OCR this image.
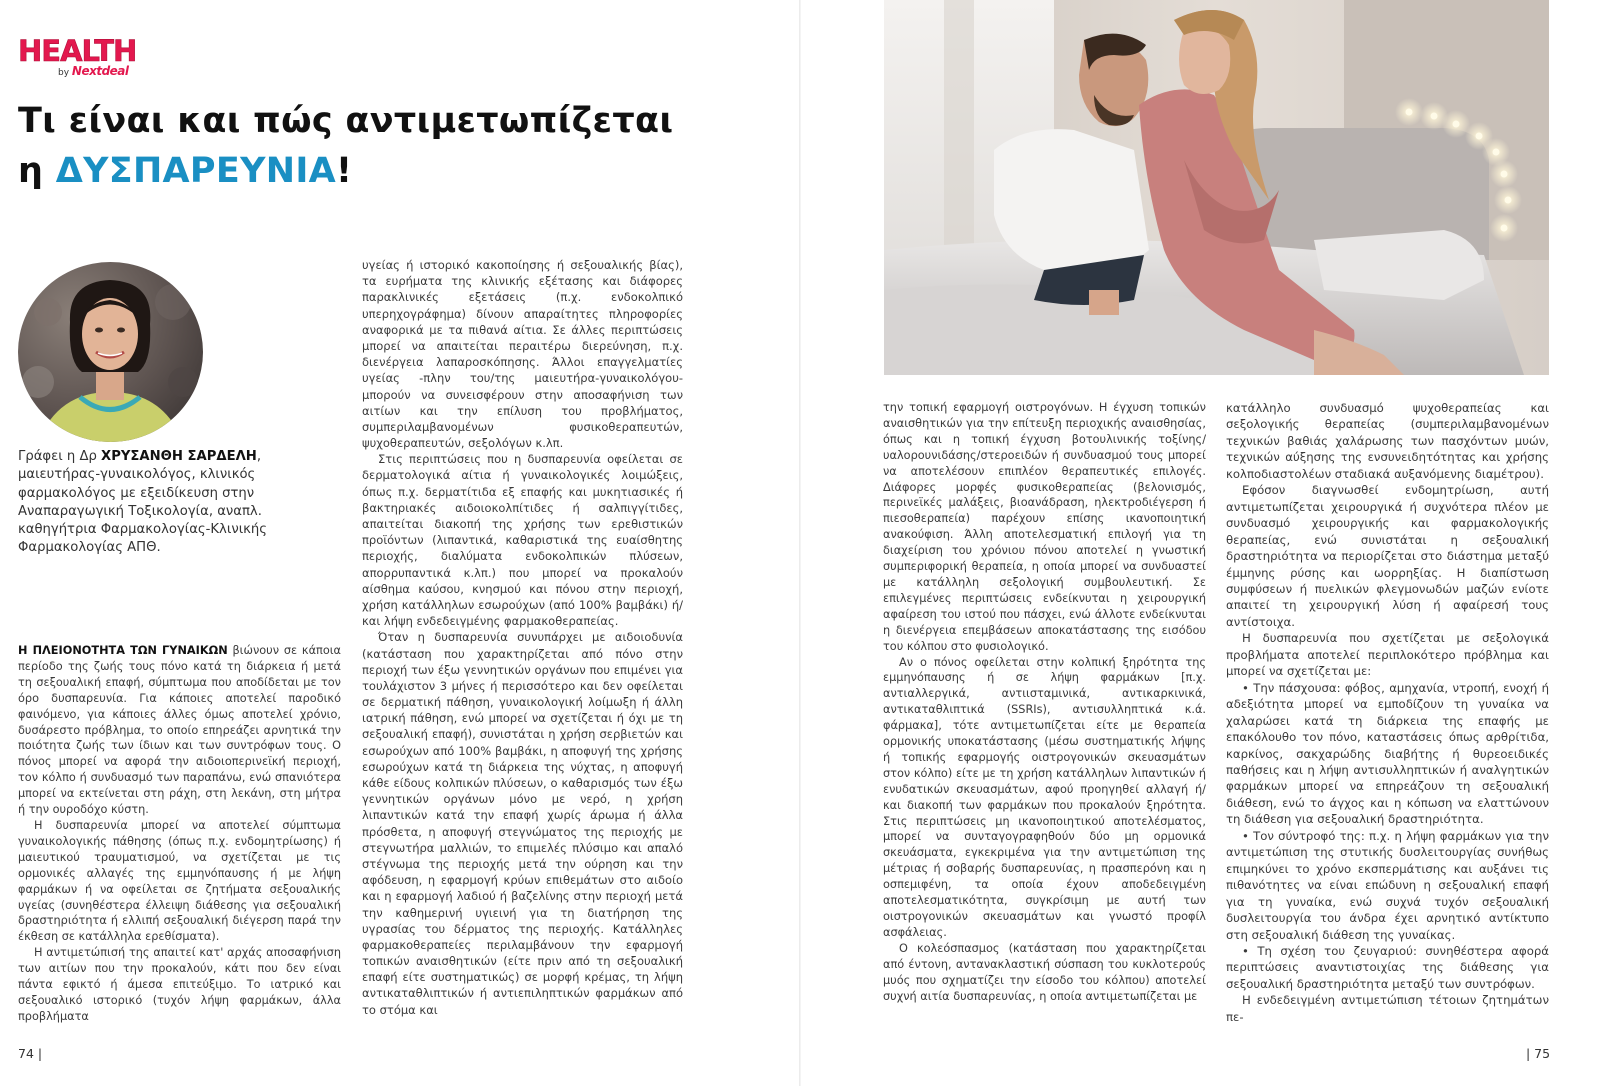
HEALTH
by Nextdeal
Τι είναι και πώς αντιμετωπίζεται
η ΔΥΣΠΑΡΕΥΝΙΑ!
Γράφει η Δρ ΧΡΥΣΑΝΘΗ ΣΑΡΔΕΛΗ, μαιευτήρας-γυναικολόγος, κλινικός φαρμακολόγος με εξειδίκευση στην Αναπαραγωγική Τοξικολογία, αναπλ. καθηγήτρια Φαρμακολογίας-Κλινικής Φαρμακολογίας ΑΠΘ.

Η ΠΛΕΙΟΝΟΤΗΤΑ ΤΩΝ ΓΥΝΑΙΚΩΝ βιώνουν σε κάποια περίοδο της ζωής τους πόνο κατά τη διάρκεια ή μετά τη σεξουαλική επαφή, σύμπτωμα που αποδίδεται με τον όρο δυσπαρευνία. Για κάποιες αποτελεί παροδικό φαινόμενο, για κάποιες άλλες όμως αποτελεί χρόνιο, δυσάρεστο πρόβλημα, το οποίο επηρεάζει αρνητικά την ποιότητα ζωής των ίδιων και των συντρόφων τους. Ο πόνος μπορεί να αφορά την αιδοιοπερινεϊκή περιοχή, τον κόλπο ή συνδυασμό των παραπάνω, ενώ σπανιότερα μπορεί να εκτείνεται στη ράχη, στη λεκάνη, στη μήτρα ή την ουροδόχο κύστη.

Η δυσπαρευνία μπορεί να αποτελεί σύμπτωμα γυναικολογικής πάθησης (όπως π.χ. ενδομητρίωσης) ή μαιευτικού τραυματισμού, να σχετίζεται με τις ορμονικές αλλαγές της εμμηνόπαυσης ή με λήψη φαρμάκων ή να οφείλεται σε ζητήματα σεξουαλικής υγείας (συνηθέστερα έλλειψη διάθεσης για σεξουαλική δραστηριότητα ή ελλιπή σεξουαλική διέγερση παρά την έκθεση σε κατάλληλα ερεθίσματα).

Η αντιμετώπισή της απαιτεί κατ' αρχάς αποσαφήνιση των αιτίων που την προκαλούν, κάτι που δεν είναι πάντα εφικτό ή άμεσα επιτεύξιμο. Το ιατρικό και σεξουαλικό ιστορικό (τυχόν λήψη φαρμάκων, άλλα προβλήματα

υγείας ή ιστορικό κακοποίησης ή σεξουαλικής βίας), τα ευρήματα της κλινικής εξέτασης και διάφορες παρακλινικές εξετάσεις (π.χ. ενδοκολπικό υπερηχογράφημα) δίνουν απαραίτητες πληροφορίες αναφορικά με τα πιθανά αίτια. Σε άλλες περιπτώσεις μπορεί να απαιτείται περαιτέρω διερεύνηση, π.χ. διενέργεια λαπαροσκόπησης. Άλλοι επαγγελματίες υγείας -πλην του/της μαιευτήρα-γυναικολόγου- μπορούν να συνεισφέρουν στην αποσαφήνιση των αιτίων και την επίλυση του προβλήματος, συμπεριλαμβανομένων φυσικοθεραπευτών, ψυχοθεραπευτών, σεξολόγων κ.λπ.

Στις περιπτώσεις που η δυσπαρευνία οφείλεται σε δερματολογικά αίτια ή γυναικολογικές λοιμώξεις, όπως π.χ. δερματίτιδα εξ επαφής και μυκητιασικές ή βακτηριακές αιδοιοκολπίτιδες ή σαλπιγγίτιδες, απαιτείται διακοπή της χρήσης των ερεθιστικών προϊόντων (λιπαντικά, καθαριστικά της ευαίσθητης περιοχής, διαλύματα ενδοκολπικών πλύσεων, απορρυπαντικά κ.λπ.) που μπορεί να προκαλούν αίσθημα καύσου, κνησμού και πόνου στην περιοχή, χρήση κατάλληλων εσωρούχων (από 100% βαμβάκι) ή/και λήψη ενδεδειγμένης φαρμακοθεραπείας.

Όταν η δυσπαρευνία συνυπάρχει με αιδοιοδυνία (κατάσταση που χαρακτηρίζεται από πόνο στην περιοχή των έξω γεννητικών οργάνων που επιμένει για τουλάχιστον 3 μήνες ή περισσότερο και δεν οφείλεται σε δερματική πάθηση, γυναικολογική λοίμωξη ή άλλη ιατρική πάθηση, ενώ μπορεί να σχετίζεται ή όχι με τη σεξουαλική επαφή), συνιστάται η χρήση σερβιετών και εσωρούχων από 100% βαμβάκι, η αποφυγή της χρήσης εσωρούχων κατά τη διάρκεια της νύχτας, η αποφυγή κάθε είδους κολπικών πλύσεων, ο καθαρισμός των έξω γεννητικών οργάνων μόνο με νερό, η χρήση λιπαντικών κατά την επαφή χωρίς άρωμα ή άλλα πρόσθετα, η αποφυγή στεγνώματος της περιοχής με στεγνωτήρα μαλλιών, το επιμελές πλύσιμο και απαλό στέγνωμα της περιοχής μετά την ούρηση και την αφόδευση, η εφαρμογή κρύων επιθεμάτων στο αιδοίο και η εφαρμογή λαδιού ή βαζελίνης στην περιοχή μετά την καθημερινή υγιεινή για τη διατήρηση της υγρασίας του δέρματος της περιοχής. Κατάλληλες φαρμακοθεραπείες περιλαμβάνουν την εφαρμογή τοπικών αναισθητικών (είτε πριν από τη σεξουαλική επαφή είτε συστηματικώς) σε μορφή κρέμας, τη λήψη αντικαταθλιπτικών ή αντιεπιληπτικών φαρμάκων από το στόμα και

την τοπική εφαρμογή οιστρογόνων. Η έγχυση τοπικών αναισθητικών για την επίτευξη περιοχικής αναισθησίας, όπως και η τοπική έγχυση βοτουλινικής τοξίνης/υαλορουνιδάσης/στεροειδών ή συνδυασμού τους μπορεί να αποτελέσουν επιπλέον θεραπευτικές επιλογές. Διάφορες μορφές φυσικοθεραπείας (βελονισμός, περινεϊκές μαλάξεις, βιοανάδραση, ηλεκτροδιέγερση ή πιεσοθεραπεία) παρέχουν επίσης ικανοποιητική ανακούφιση. Άλλη αποτελεσματική επιλογή για τη διαχείριση του χρόνιου πόνου αποτελεί η γνωστική συμπεριφορική θεραπεία, η οποία μπορεί να συνδυαστεί με κατάλληλη σεξολογική συμβουλευτική. Σε επιλεγμένες περιπτώσεις ενδείκνυται η χειρουργική αφαίρεση του ιστού που πάσχει, ενώ άλλοτε ενδείκνυται η διενέργεια επεμβάσεων αποκατάστασης της εισόδου του κόλπου στο φυσιολογικό.

Αν ο πόνος οφείλεται στην κολπική ξηρότητα της εμμηνόπαυσης ή σε λήψη φαρμάκων [π.χ. αντιαλλεργικά, αντιισταμινικά, αντικαρκινικά, αντικαταθλιπτικά (SSRIs), αντισυλληπτικά κ.ά. φάρμακα], τότε αντιμετωπίζεται είτε με θεραπεία ορμονικής υποκατάστασης (μέσω συστηματικής λήψης ή τοπικής εφαρμογής οιστρογονικών σκευασμάτων στον κόλπο) είτε με τη χρήση κατάλληλων λιπαντικών ή ενυδατικών σκευασμάτων, αφού προηγηθεί αλλαγή ή/και διακοπή των φαρμάκων που προκαλούν ξηρότητα. Στις περιπτώσεις μη ικανοποιητικού αποτελέσματος, μπορεί να συνταγογραφηθούν δύο μη ορμονικά σκευάσματα, εγκεκριμένα για την αντιμετώπιση της μέτριας ή σοβαρής δυσπαρευνίας, η πρασπερόνη και η οσπεμιφένη, τα οποία έχουν αποδεδειγμένη αποτελεσματικότητα, συγκρίσιμη με αυτή των οιστρογονικών σκευασμάτων και γνωστό προφίλ ασφάλειας.

Ο κολεόσπασμος (κατάσταση που χαρακτηρίζεται από έντονη, αντανακλαστική σύσπαση του κυκλοτερούς μυός που σχηματίζει την είσοδο του κόλπου) αποτελεί συχνή αιτία δυσπαρευνίας, η οποία αντιμετωπίζεται με

κατάλληλο συνδυασμό ψυχοθεραπείας και σεξολογικής θεραπείας (συμπεριλαμβανομένων τεχνικών βαθιάς χαλάρωσης των πασχόντων μυών, τεχνικών αύξησης της ενσυνειδητότητας και χρήσης κολποδιαστολέων σταδιακά αυξανόμενης διαμέτρου).

Εφόσον διαγνωσθεί ενδομητρίωση, αυτή αντιμετωπίζεται χειρουργικά ή συχνότερα πλέον με συνδυασμό χειρουργικής και φαρμακολογικής θεραπείας, ενώ συνιστάται η σεξουαλική δραστηριότητα να περιορίζεται στο διάστημα μεταξύ έμμηνης ρύσης και ωορρηξίας. Η διαπίστωση συμφύσεων ή πυελικών φλεγμονωδών μαζών ενίοτε απαιτεί τη χειρουργική λύση ή αφαίρεσή τους αντίστοιχα.

Η δυσπαρευνία που σχετίζεται με σεξολογικά προβλήματα αποτελεί περιπλοκότερο πρόβλημα και μπορεί να σχετίζεται με:

• Την πάσχουσα: φόβος, αμηχανία, ντροπή, ενοχή ή αδεξιότητα μπορεί να εμποδίζουν τη γυναίκα να χαλαρώσει κατά τη διάρκεια της επαφής με επακόλουθο τον πόνο, καταστάσεις όπως αρθρίτιδα, καρκίνος, σακχαρώδης διαβήτης ή θυρεοειδικές παθήσεις και η λήψη αντισυλληπτικών ή αναλγητικών φαρμάκων μπορεί να επηρεάζουν τη σεξουαλική διάθεση, ενώ το άγχος και η κόπωση να ελαττώνουν τη διάθεση για σεξουαλική δραστηριότητα.

• Τον σύντροφό της: π.χ. η λήψη φαρμάκων για την αντιμετώπιση της στυτικής δυσλειτουργίας συνήθως επιμηκύνει το χρόνο εκσπερμάτισης και αυξάνει τις πιθανότητες να είναι επώδυνη η σεξουαλική επαφή για τη γυναίκα, ενώ συχνά τυχόν σεξουαλική δυσλειτουργία του άνδρα έχει αρνητικό αντίκτυπο στη σεξουαλική διάθεση της γυναίκας.

• Τη σχέση του ζευγαριού: συνηθέστερα αφορά περιπτώσεις αναντιστοιχίας της διάθεσης για σεξουαλική δραστηριότητα μεταξύ των συντρόφων.

Η ενδεδειγμένη αντιμετώπιση τέτοιων ζητημάτων πε-

74 |	| 75
